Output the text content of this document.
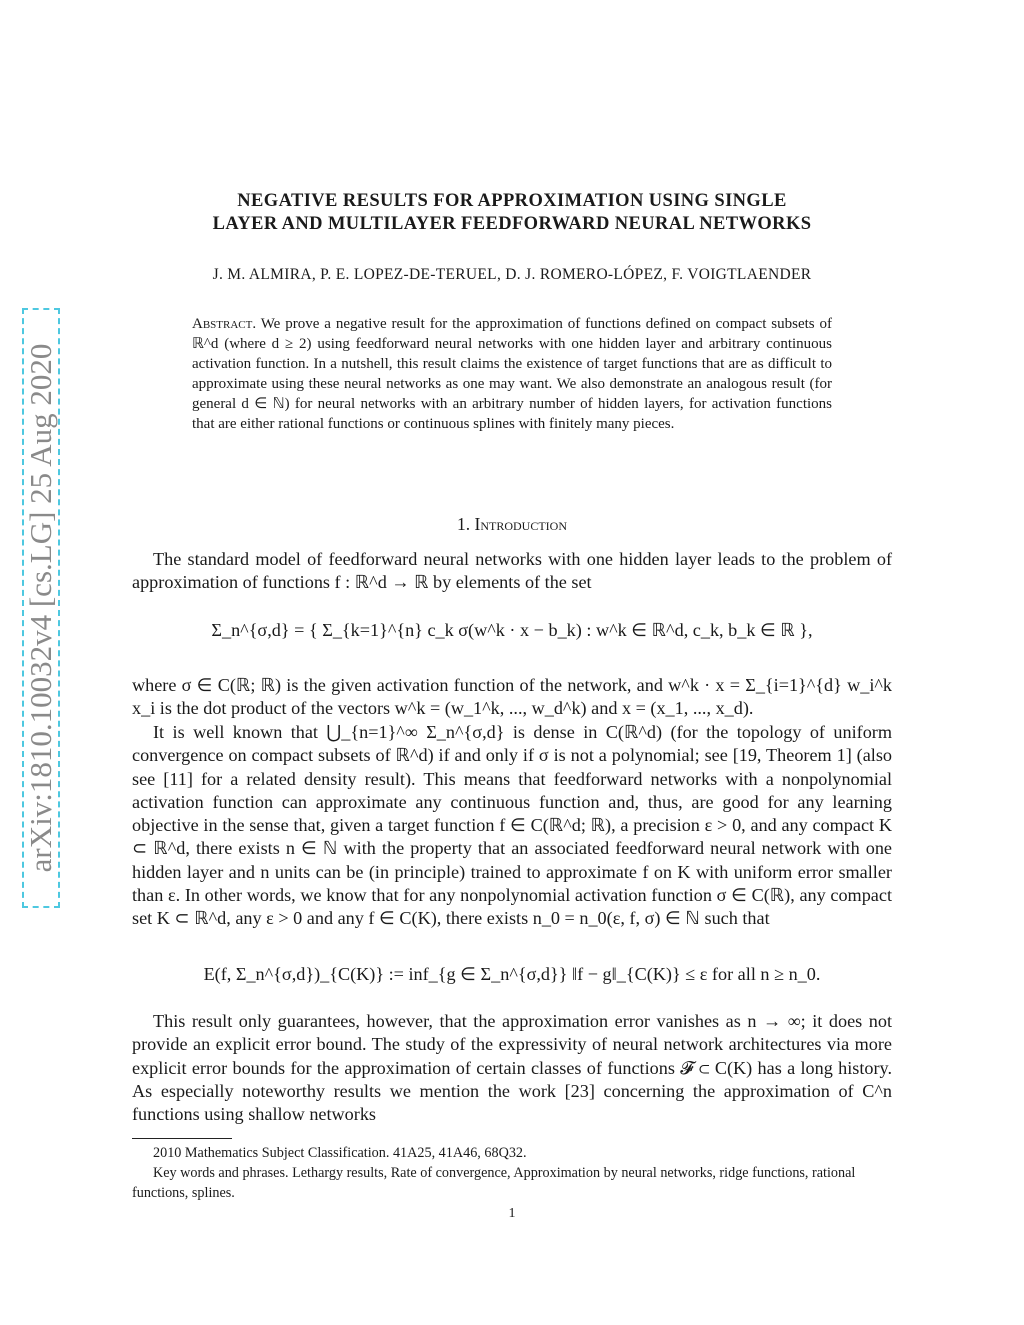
arXiv:1810.10032v4 [cs.LG] 25 Aug 2020
NEGATIVE RESULTS FOR APPROXIMATION USING SINGLE
LAYER AND MULTILAYER FEEDFORWARD NEURAL NETWORKS
J. M. ALMIRA, P. E. LOPEZ-DE-TERUEL, D. J. ROMERO-LÓPEZ, F. VOIGTLAENDER
Abstract. We prove a negative result for the approximation of functions defined on compact subsets of ℝ^d (where d ≥ 2) using feedforward neural networks with one hidden layer and arbitrary continuous activation function. In a nutshell, this result claims the existence of target functions that are as difficult to approximate using these neural networks as one may want. We also demonstrate an analogous result (for general d ∈ ℕ) for neural networks with an arbitrary number of hidden layers, for activation functions that are either rational functions or continuous splines with finitely many pieces.
1. Introduction
The standard model of feedforward neural networks with one hidden layer leads to the problem of approximation of functions f : ℝ^d → ℝ by elements of the set
Σ_n^{σ,d} = { Σ_{k=1}^{n} c_k σ(w^k · x − b_k) : w^k ∈ ℝ^d, c_k, b_k ∈ ℝ },
where σ ∈ C(ℝ; ℝ) is the given activation function of the network, and w^k · x = Σ_{i=1}^{d} w_i^k x_i is the dot product of the vectors w^k = (w_1^k, ..., w_d^k) and x = (x_1, ..., x_d).
It is well known that ⋃_{n=1}^∞ Σ_n^{σ,d} is dense in C(ℝ^d) (for the topology of uniform convergence on compact subsets of ℝ^d) if and only if σ is not a polynomial; see [19, Theorem 1] (also see [11] for a related density result). This means that feedforward networks with a nonpolynomial activation function can approximate any continuous function and, thus, are good for any learning objective in the sense that, given a target function f ∈ C(ℝ^d; ℝ), a precision ε > 0, and any compact K ⊂ ℝ^d, there exists n ∈ ℕ with the property that an associated feedforward neural network with one hidden layer and n units can be (in principle) trained to approximate f on K with uniform error smaller than ε. In other words, we know that for any nonpolynomial activation function σ ∈ C(ℝ), any compact set K ⊂ ℝ^d, any ε > 0 and any f ∈ C(K), there exists n_0 = n_0(ε, f, σ) ∈ ℕ such that
E(f, Σ_n^{σ,d})_{C(K)} := inf_{g ∈ Σ_n^{σ,d}} ‖f − g‖_{C(K)} ≤ ε for all n ≥ n_0.
This result only guarantees, however, that the approximation error vanishes as n → ∞; it does not provide an explicit error bound. The study of the expressivity of neural network architectures via more explicit error bounds for the approximation of certain classes of functions 𝓕 ⊂ C(K) has a long history. As especially noteworthy results we mention the work [23] concerning the approximation of C^n functions using shallow networks
2010 Mathematics Subject Classification. 41A25, 41A46, 68Q32.
Key words and phrases. Lethargy results, Rate of convergence, Approximation by neural networks, ridge functions, rational functions, splines.
1
